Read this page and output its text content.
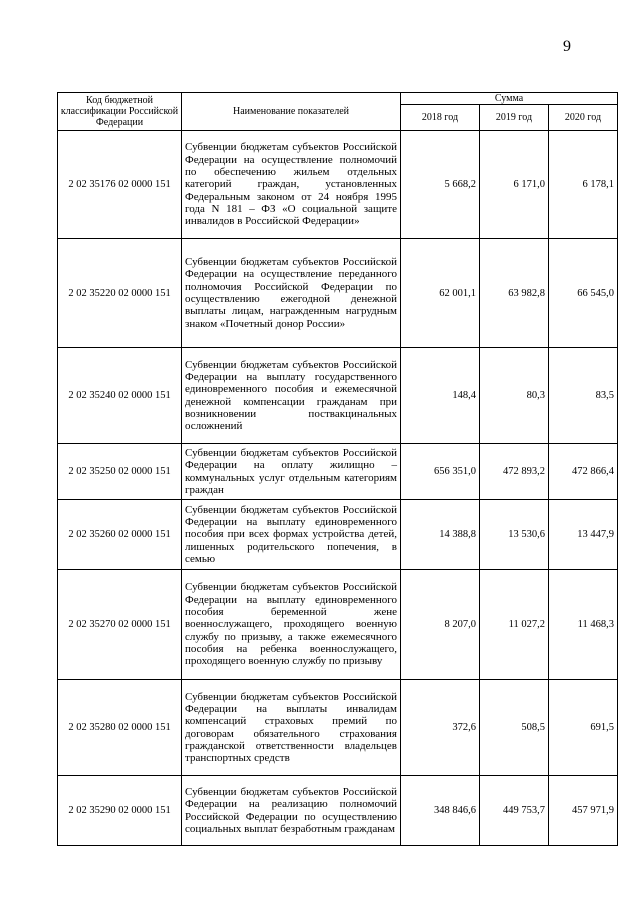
9
Код бюджетной классификации Российской Федерации	Наименование показателей	Сумма		
		2018 год	2019 год	2020 год
2 02 35176 02 0000 151	Субвенции бюджетам субъектов Российской Федерации на осуществление полномочий по обеспечению жильем отдельных категорий граждан, установленных Федеральным законом от 24 ноября 1995 года N 181 – ФЗ «О социальной защите инвалидов в Российской Федерации»	5 668,2	6 171,0	6 178,1
2 02 35220 02 0000 151	Субвенции бюджетам субъектов Российской Федерации на осуществление переданного полномочия Российской Федерации по осуществлению ежегодной денежной выплаты лицам, награжденным нагрудным знаком «Почетный донор России»	62 001,1	63 982,8	66 545,0
2 02 35240 02 0000 151	Субвенции бюджетам субъектов Российской Федерации на выплату государственного единовременного пособия и ежемесячной денежной компенсации гражданам при возникновении поствакцинальных осложнений	148,4	80,3	83,5
2 02 35250 02 0000 151	Субвенции бюджетам субъектов Российской Федерации на оплату жилищно – коммунальных услуг отдельным категориям граждан	656 351,0	472 893,2	472 866,4
2 02 35260 02 0000 151	Субвенции бюджетам субъектов Российской Федерации на выплату единовременного пособия при всех формах устройства детей, лишенных родительского попечения, в семью	14 388,8	13 530,6	13 447,9
2 02 35270 02 0000 151	Субвенции бюджетам субъектов Российской Федерации на выплату единовременного пособия беременной жене военнослужащего, проходящего военную службу по призыву, а также ежемесячного пособия на ребенка военнослужащего, проходящего военную службу по призыву	8 207,0	11 027,2	11 468,3
2 02 35280 02 0000 151	Субвенции бюджетам субъектов Российской Федерации на выплаты инвалидам компенсаций страховых премий по договорам обязательного страхования гражданской ответственности владельцев транспортных средств	372,6	508,5	691,5
2 02 35290 02 0000 151	Субвенции бюджетам субъектов Российской Федерации на реализацию полномочий Российской Федерации по осуществлению социальных выплат безработным гражданам	348 846,6	449 753,7	457 971,9
